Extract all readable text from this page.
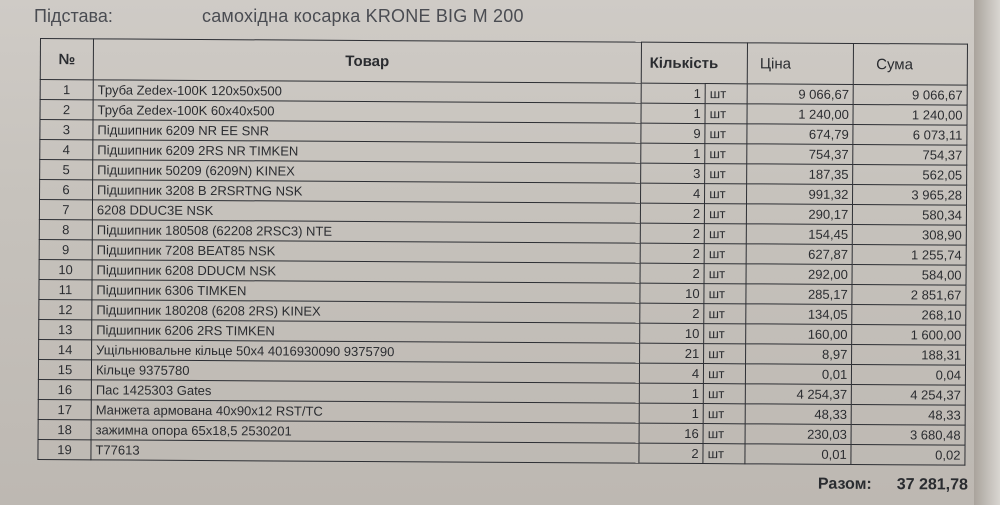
Підстава:	самохідна косарка KRONE BIG M 200
№	Товар	Кількість		Ціна	Сума
1	Труба Zedex-100K 120x50x500	1	шт	9 066,67	9 066,67
2	Труба Zedex-100K 60x40x500	1	шт	1 240,00	1 240,00
3	Підшипник 6209 NR EE SNR	9	шт	674,79	6 073,11
4	Підшипник 6209 2RS NR TIMKEN	1	шт	754,37	754,37
5	Підшипник 50209 (6209N) KINEX	3	шт	187,35	562,05
6	Підшипник 3208 B 2RSRTNG NSK	4	шт	991,32	3 965,28
7	6208 DDUC3E NSK	2	шт	290,17	580,34
8	Підшипник 180508 (62208 2RSC3) NTE	2	шт	154,45	308,90
9	Підшипник 7208 BEAT85 NSK	2	шт	627,87	1 255,74
10	Підшипник 6208 DDUCM NSK	2	шт	292,00	584,00
11	Підшипник 6306 TIMKEN	10	шт	285,17	2 851,67
12	Підшипник 180208 (6208 2RS) KINEX	2	шт	134,05	268,10
13	Підшипник 6206 2RS TIMKEN	10	шт	160,00	1 600,00
14	Ущільнювальне кільце 50x4 4016930090 9375790	21	шт	8,97	188,31
15	Кільце 9375780	4	шт	0,01	0,04
16	Пас 1425303 Gates	1	шт	4 254,37	4 254,37
17	Манжета армована 40x90x12 RST/TC	1	шт	48,33	48,33
18	зажимна опора 65x18,5 2530201	16	шт	230,03	3 680,48
19	T77613	2	шт	0,01	0,02
Разом: 37 281,78
